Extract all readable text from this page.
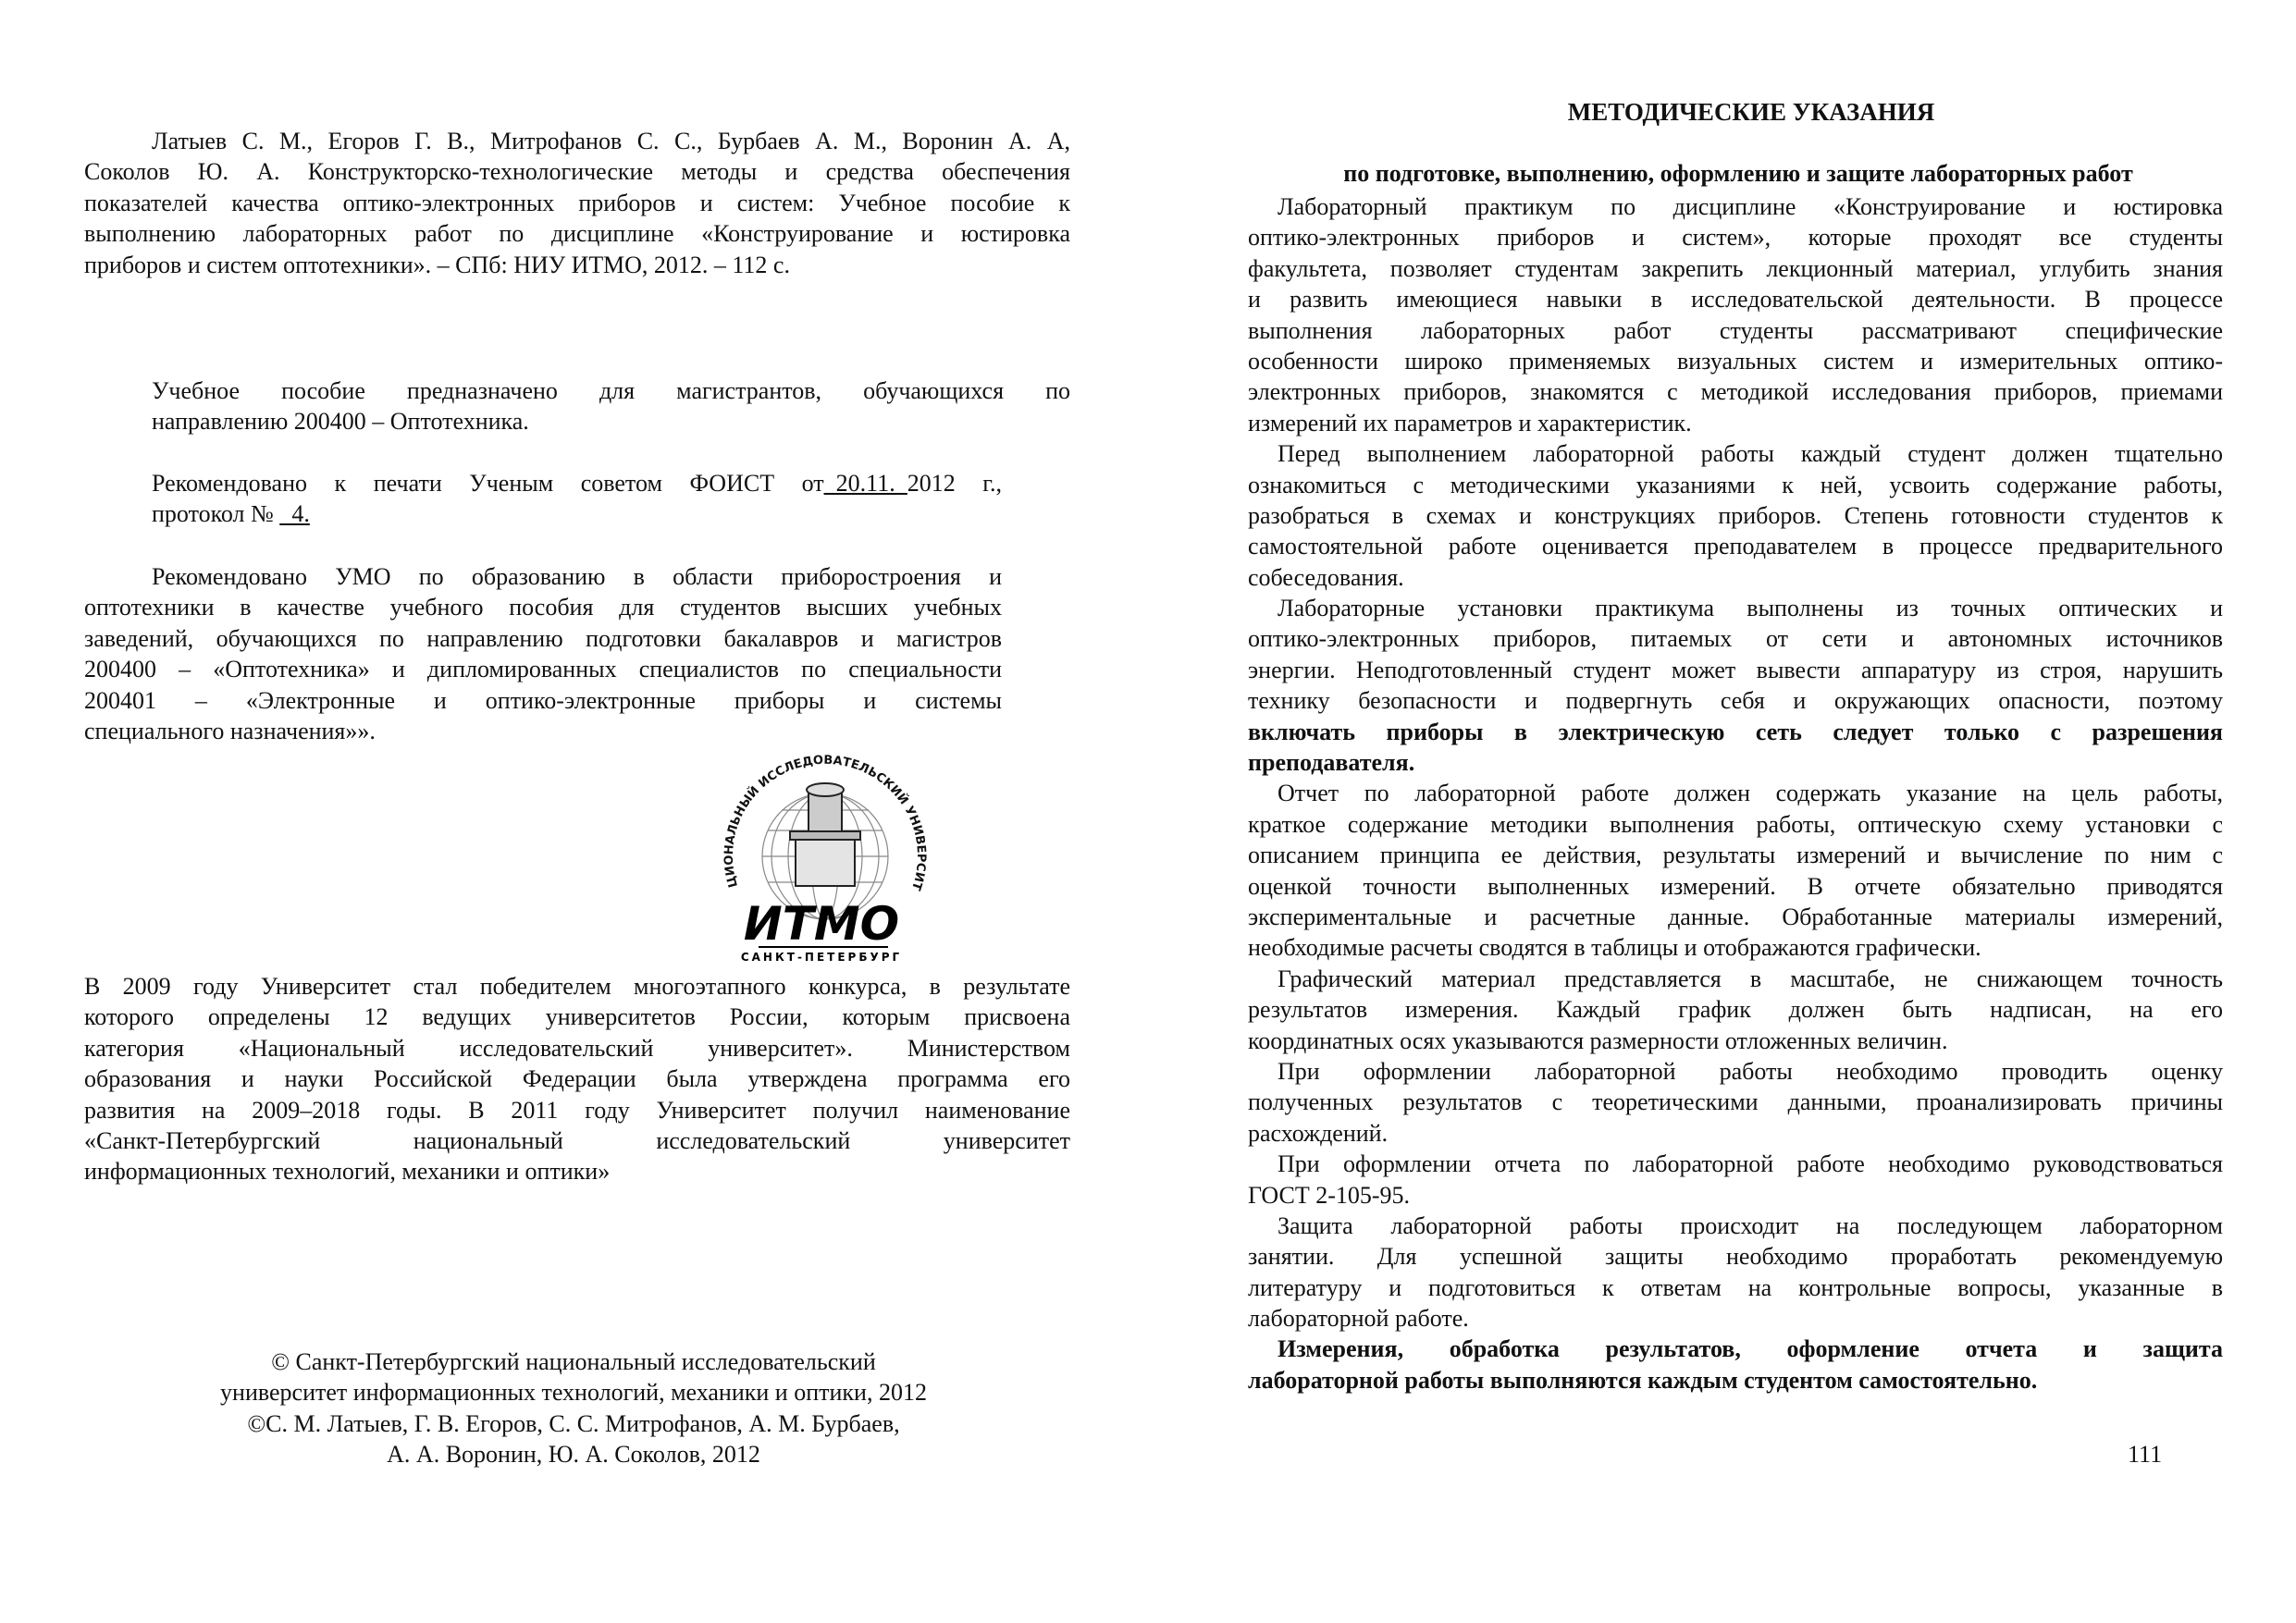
Латыев С. М., Егоров Г. В., Митрофанов С. С., Бурбаев А. М., Воронин А. А,
Соколов Ю. А. Конструкторско-технологические методы и средства обеспечения
показателей качества оптико-электронных приборов и систем: Учебное пособие к
выполнению лабораторных работ по дисциплине «Конструирование и юстировка
приборов и систем оптотехники». – СПб: НИУ ИТМО, 2012. – 112 с.
Учебное пособие предназначено для магистрантов, обучающихся по
направлению 200400 – Оптотехника.
Рекомендовано к печати Ученым советом ФОИСТ от_20.11._2012 г.,
протокол № _4.
Рекомендовано УМО по образованию в области приборостроения и
оптотехники в качестве учебного пособия для студентов высших учебных
заведений, обучающихся по направлению подготовки бакалавров и магистров
200400 – «Оптотехника» и дипломированных специалистов по специальности
200401 – «Электронные и оптико-электронные приборы и системы
специального назначения»».
ЦИОНАЛЬНЫЙ ИССЛЕДОВАТЕЛЬСКИЙ УНИВЕРСИТ
ИТМО
САНКТ-ПЕТЕРБУРГ
В 2009 году Университет стал победителем многоэтапного конкурса, в результате
которого определены 12 ведущих университетов России, которым присвоена
категория «Национальный исследовательский университет». Министерством
образования и науки Российской Федерации была утверждена программа его
развития на 2009–2018 годы. В 2011 году Университет получил наименование
«Санкт-Петербургский национальный исследовательский университет
информационных технологий, механики и оптики»
© Санкт-Петербургский национальный исследовательский
университет информационных технологий, механики и оптики, 2012
©С. М. Латыев, Г. В. Егоров, С. С. Митрофанов, А. М. Бурбаев,
А. А. Воронин, Ю. А. Соколов, 2012
МЕТОДИЧЕСКИЕ УКАЗАНИЯ
по подготовке, выполнению, оформлению и защите лабораторных работ
Лабораторный практикум по дисциплине «Конструирование и юстировка
оптико-электронных приборов и систем», которые проходят все студенты
факультета, позволяет студентам закрепить лекционный материал, углубить знания
и развить имеющиеся навыки в исследовательской деятельности. В процессе
выполнения лабораторных работ студенты рассматривают специфические
особенности широко применяемых визуальных систем и измерительных оптико-
электронных приборов, знакомятся с методикой исследования приборов, приемами
измерений их параметров и характеристик.
Перед выполнением лабораторной работы каждый студент должен тщательно
ознакомиться с методическими указаниями к ней, усвоить содержание работы,
разобраться в схемах и конструкциях приборов. Степень готовности студентов к
самостоятельной работе оценивается преподавателем в процессе предварительного
собеседования.
Лабораторные установки практикума выполнены из точных оптических и
оптико-электронных приборов, питаемых от сети и автономных источников
энергии. Неподготовленный студент может вывести аппаратуру из строя, нарушить
технику безопасности и подвергнуть себя и окружающих опасности, поэтому
включать приборы в электрическую сеть следует только с разрешения
преподавателя.
Отчет по лабораторной работе должен содержать указание на цель работы,
краткое содержание методики выполнения работы, оптическую схему установки с
описанием принципа ее действия, результаты измерений и вычисление по ним с
оценкой точности выполненных измерений. В отчете обязательно приводятся
экспериментальные и расчетные данные. Обработанные материалы измерений,
необходимые расчеты сводятся в таблицы и отображаются графически.
Графический материал представляется в масштабе, не снижающем точность
результатов измерения. Каждый график должен быть надписан, на его
координатных осях указываются размерности отложенных величин.
При оформлении лабораторной работы необходимо проводить оценку
полученных результатов с теоретическими данными, проанализировать причины
расхождений.
При оформлении отчета по лабораторной работе необходимо руководствоваться
ГОСТ 2-105-95.
Защита лабораторной работы происходит на последующем лабораторном
занятии. Для успешной защиты необходимо проработать рекомендуемую
литературу и подготовиться к ответам на контрольные вопросы, указанные в
лабораторной работе.
Измерения, обработка результатов, оформление отчета и защита
лабораторной работы выполняются каждым студентом самостоятельно.
111
